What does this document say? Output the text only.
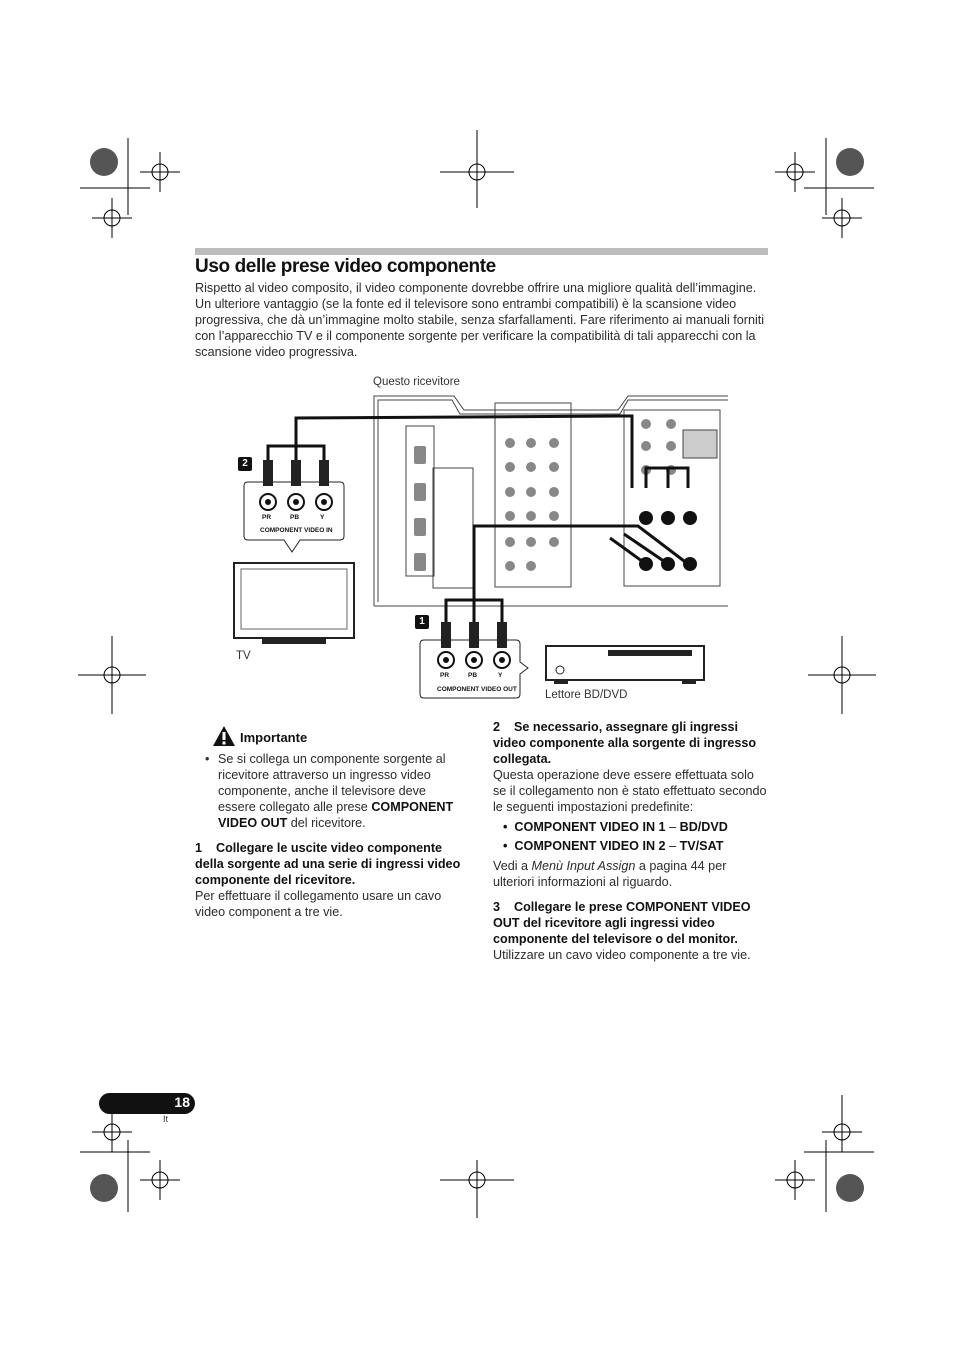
Uso delle prese video componente
Rispetto al video composito, il video componente dovrebbe offrire una migliore qualità dell’immagine. Un ulteriore vantaggio (se la fonte ed il televisore sono entrambi compatibili) è la scansione video progressiva, che dà un’immagine molto stabile, senza sfarfallamenti. Fare riferimento ai manuali forniti con l’apparecchio TV e il componente sorgente per verificare la compatibilità di tali apparecchi con la scansione video progressiva.
Questo ricevitore
TV
Lettore BD/DVD
2
1
PR	PB	Y
COMPONENT VIDEO IN
PR	PB	Y
COMPONENT VIDEO OUT
Importante
• Se si collega un componente sorgente al ricevitore attraverso un ingresso video componente, anche il televisore deve essere collegato alle prese COMPONENT VIDEO OUT del ricevitore.

1 Collegare le uscite video componente della sorgente ad una serie di ingressi video componente del ricevitore.

Per effettuare il collegamento usare un cavo video component a tre vie.

2 Se necessario, assegnare gli ingressi video componente alla sorgente di ingresso collegata.

Questa operazione deve essere effettuata solo se il collegamento non è stato effettuato secondo le seguenti impostazioni predefinite:

•  COMPONENT VIDEO IN 1 – BD/DVD

•  COMPONENT VIDEO IN 2 – TV/SAT

Vedi a Menù Input Assign a pagina 44 per ulteriori informazioni al riguardo.

3 Collegare le prese COMPONENT VIDEO OUT del ricevitore agli ingressi video componente del televisore o del monitor.

Utilizzare un cavo video componente a tre vie.

18
It
